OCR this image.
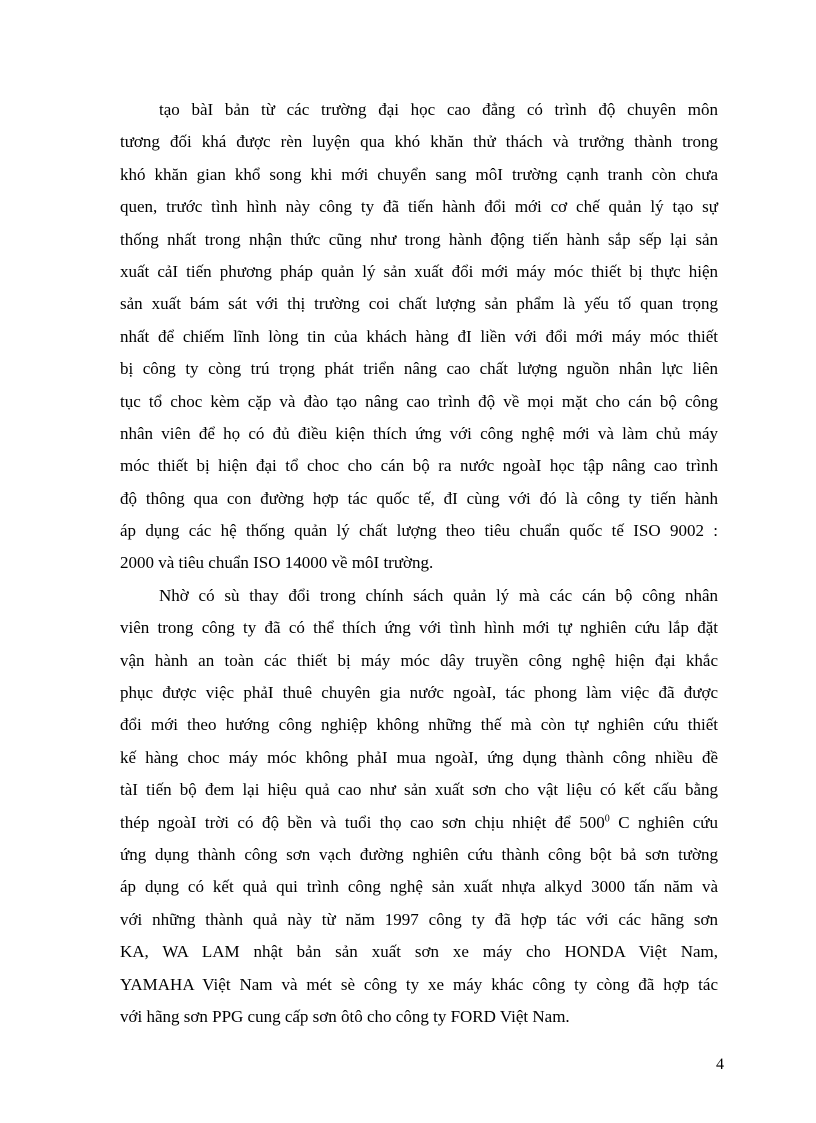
tạo bàI bản từ các trường đại học cao đẳng có trình độ chuyên môn
tương đối khá được rèn luyện qua khó khăn thử thách và trưởng thành trong
khó khăn gian khổ song khi mới chuyển sang môI trường cạnh tranh còn chưa
quen, trước tình hình này công ty đã tiến hành đổi mới cơ chế quản lý tạo sự
thống nhất trong nhận thức cũng như trong hành động tiến hành sắp sếp lại sản
xuất cảI tiến phương pháp quản lý sản xuất đổi mới máy móc thiết bị thực hiện
sản xuất bám sát với thị trường coi chất lượng sản phẩm là yếu tố quan trọng
nhất để chiếm lĩnh lòng tin của khách hàng đI liền với đổi mới máy móc thiết
bị công ty còng trú trọng phát triển nâng cao chất lượng nguồn nhân lực liên
tục tổ choc kèm cặp và đào tạo nâng cao trình độ về mọi mặt cho cán bộ công
nhân viên để họ có đủ điều kiện thích ứng với công nghệ mới và làm chủ máy
móc thiết bị hiện đại tổ choc cho cán bộ ra nước ngoàI học tập nâng cao trình
độ thông qua con đường hợp tác quốc tế, đI cùng với đó là công ty tiến hành
áp dụng các hệ thống quản lý chất lượng theo tiêu chuẩn quốc tế ISO 9002 :
2000 và tiêu chuẩn ISO 14000 về môI trường.
Nhờ có sù thay đổi trong chính sách quản lý mà các cán bộ công nhân
viên trong công ty đã có thể thích ứng với tình hình mới tự nghiên cứu lắp đặt
vận hành an toàn các thiết bị máy móc dây truyền công nghệ hiện đại khắc
phục được việc phảI thuê chuyên gia nước ngoàI, tác phong làm việc đã được
đổi mới theo hướng công nghiệp không những thế mà còn tự nghiên cứu thiết
kế hàng choc máy móc không phảI mua ngoàI, ứng dụng thành công nhiều đề
tàI tiến bộ đem lại hiệu quả cao như sản xuất sơn cho vật liệu có kết cấu bằng
thép ngoàI trời có độ bền và tuổi thọ cao sơn chịu nhiệt để $500^0$ C nghiên cứu
ứng dụng thành công sơn vạch đường nghiên cứu thành công bột bả sơn tường
áp dụng có kết quả qui trình công nghệ sản xuất nhựa alkyd 3000 tấn năm và
với những thành quả này từ năm 1997 công ty đã hợp tác với các hãng sơn
KA, WA LAM nhật bản sản xuất sơn xe máy cho HONDA Việt Nam,
YAMAHA Việt Nam và mét sè công ty xe máy khác công ty còng đã hợp tác
với hãng sơn PPG cung cấp sơn ôtô cho công ty FORD Việt Nam.
4
